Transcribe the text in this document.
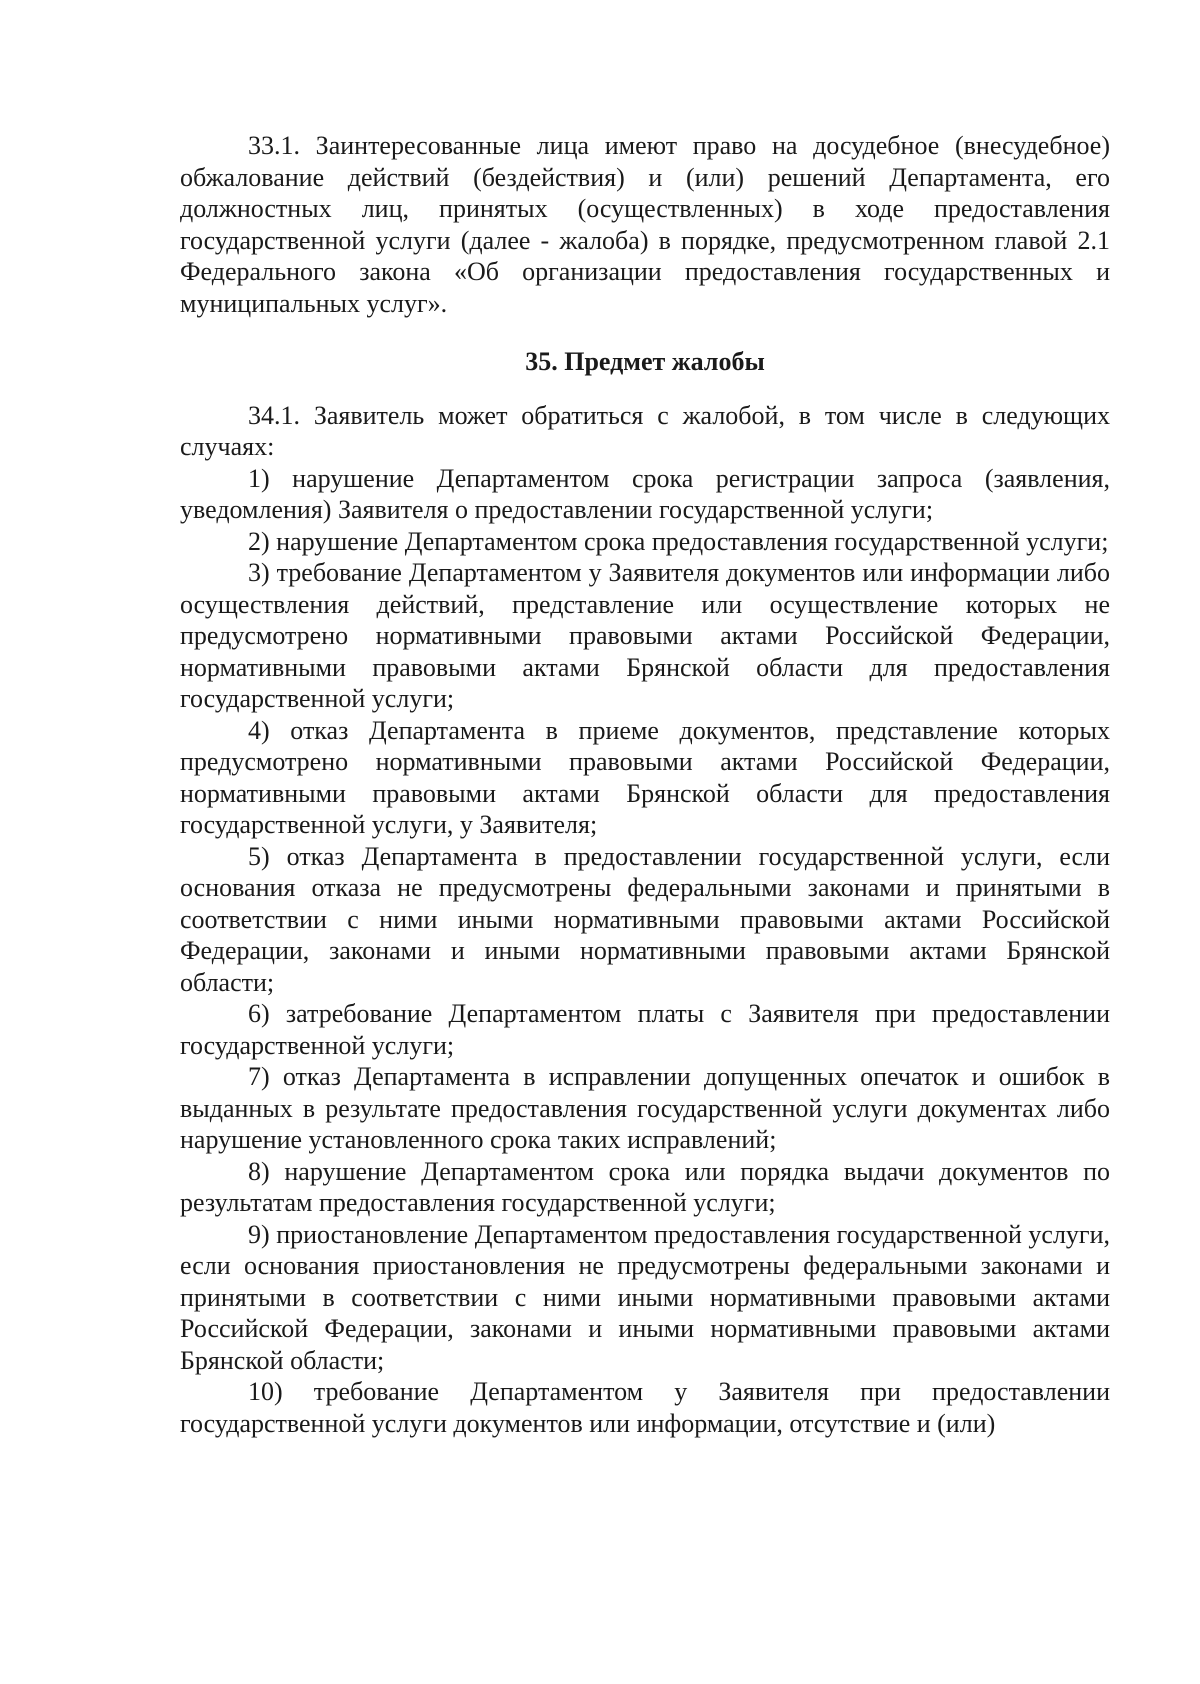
33.1. Заинтересованные лица имеют право на досудебное (внесудебное) обжалование действий (бездействия) и (или) решений Департамента, его должностных лиц, принятых (осуществленных) в ходе предоставления государственной услуги (далее - жалоба) в порядке, предусмотренном главой 2.1 Федерального закона «Об организации предоставления государственных и муниципальных услуг».

35. Предмет жалобы

34.1. Заявитель может обратиться с жалобой, в том числе в следующих случаях:

1) нарушение Департаментом срока регистрации запроса (заявления, уведомления) Заявителя о предоставлении государственной услуги;

2) нарушение Департаментом срока предоставления государственной услуги;

3) требование Департаментом у Заявителя документов или информации либо осуществления действий, представление или осуществление которых не предусмотрено нормативными правовыми актами Российской Федерации, нормативными правовыми актами Брянской области для предоставления государственной услуги;

4) отказ Департамента в приеме документов, представление которых предусмотрено нормативными правовыми актами Российской Федерации, нормативными правовыми актами Брянской области для предоставления государственной услуги, у Заявителя;

5) отказ Департамента в предоставлении государственной услуги, если основания отказа не предусмотрены федеральными законами и принятыми в соответствии с ними иными нормативными правовыми актами Российской Федерации, законами и иными нормативными правовыми актами Брянской области;

6) затребование Департаментом платы с Заявителя при предоставлении государственной услуги;

7) отказ Департамента в исправлении допущенных опечаток и ошибок в выданных в результате предоставления государственной услуги документах либо нарушение установленного срока таких исправлений;

8) нарушение Департаментом срока или порядка выдачи документов по результатам предоставления государственной услуги;

9) приостановление Департаментом предоставления государственной услуги, если основания приостановления не предусмотрены федеральными законами и принятыми в соответствии с ними иными нормативными правовыми актами Российской Федерации, законами и иными нормативными правовыми актами Брянской области;

10) требование Департаментом у Заявителя при предоставлении государственной услуги документов или информации, отсутствие и (или)
